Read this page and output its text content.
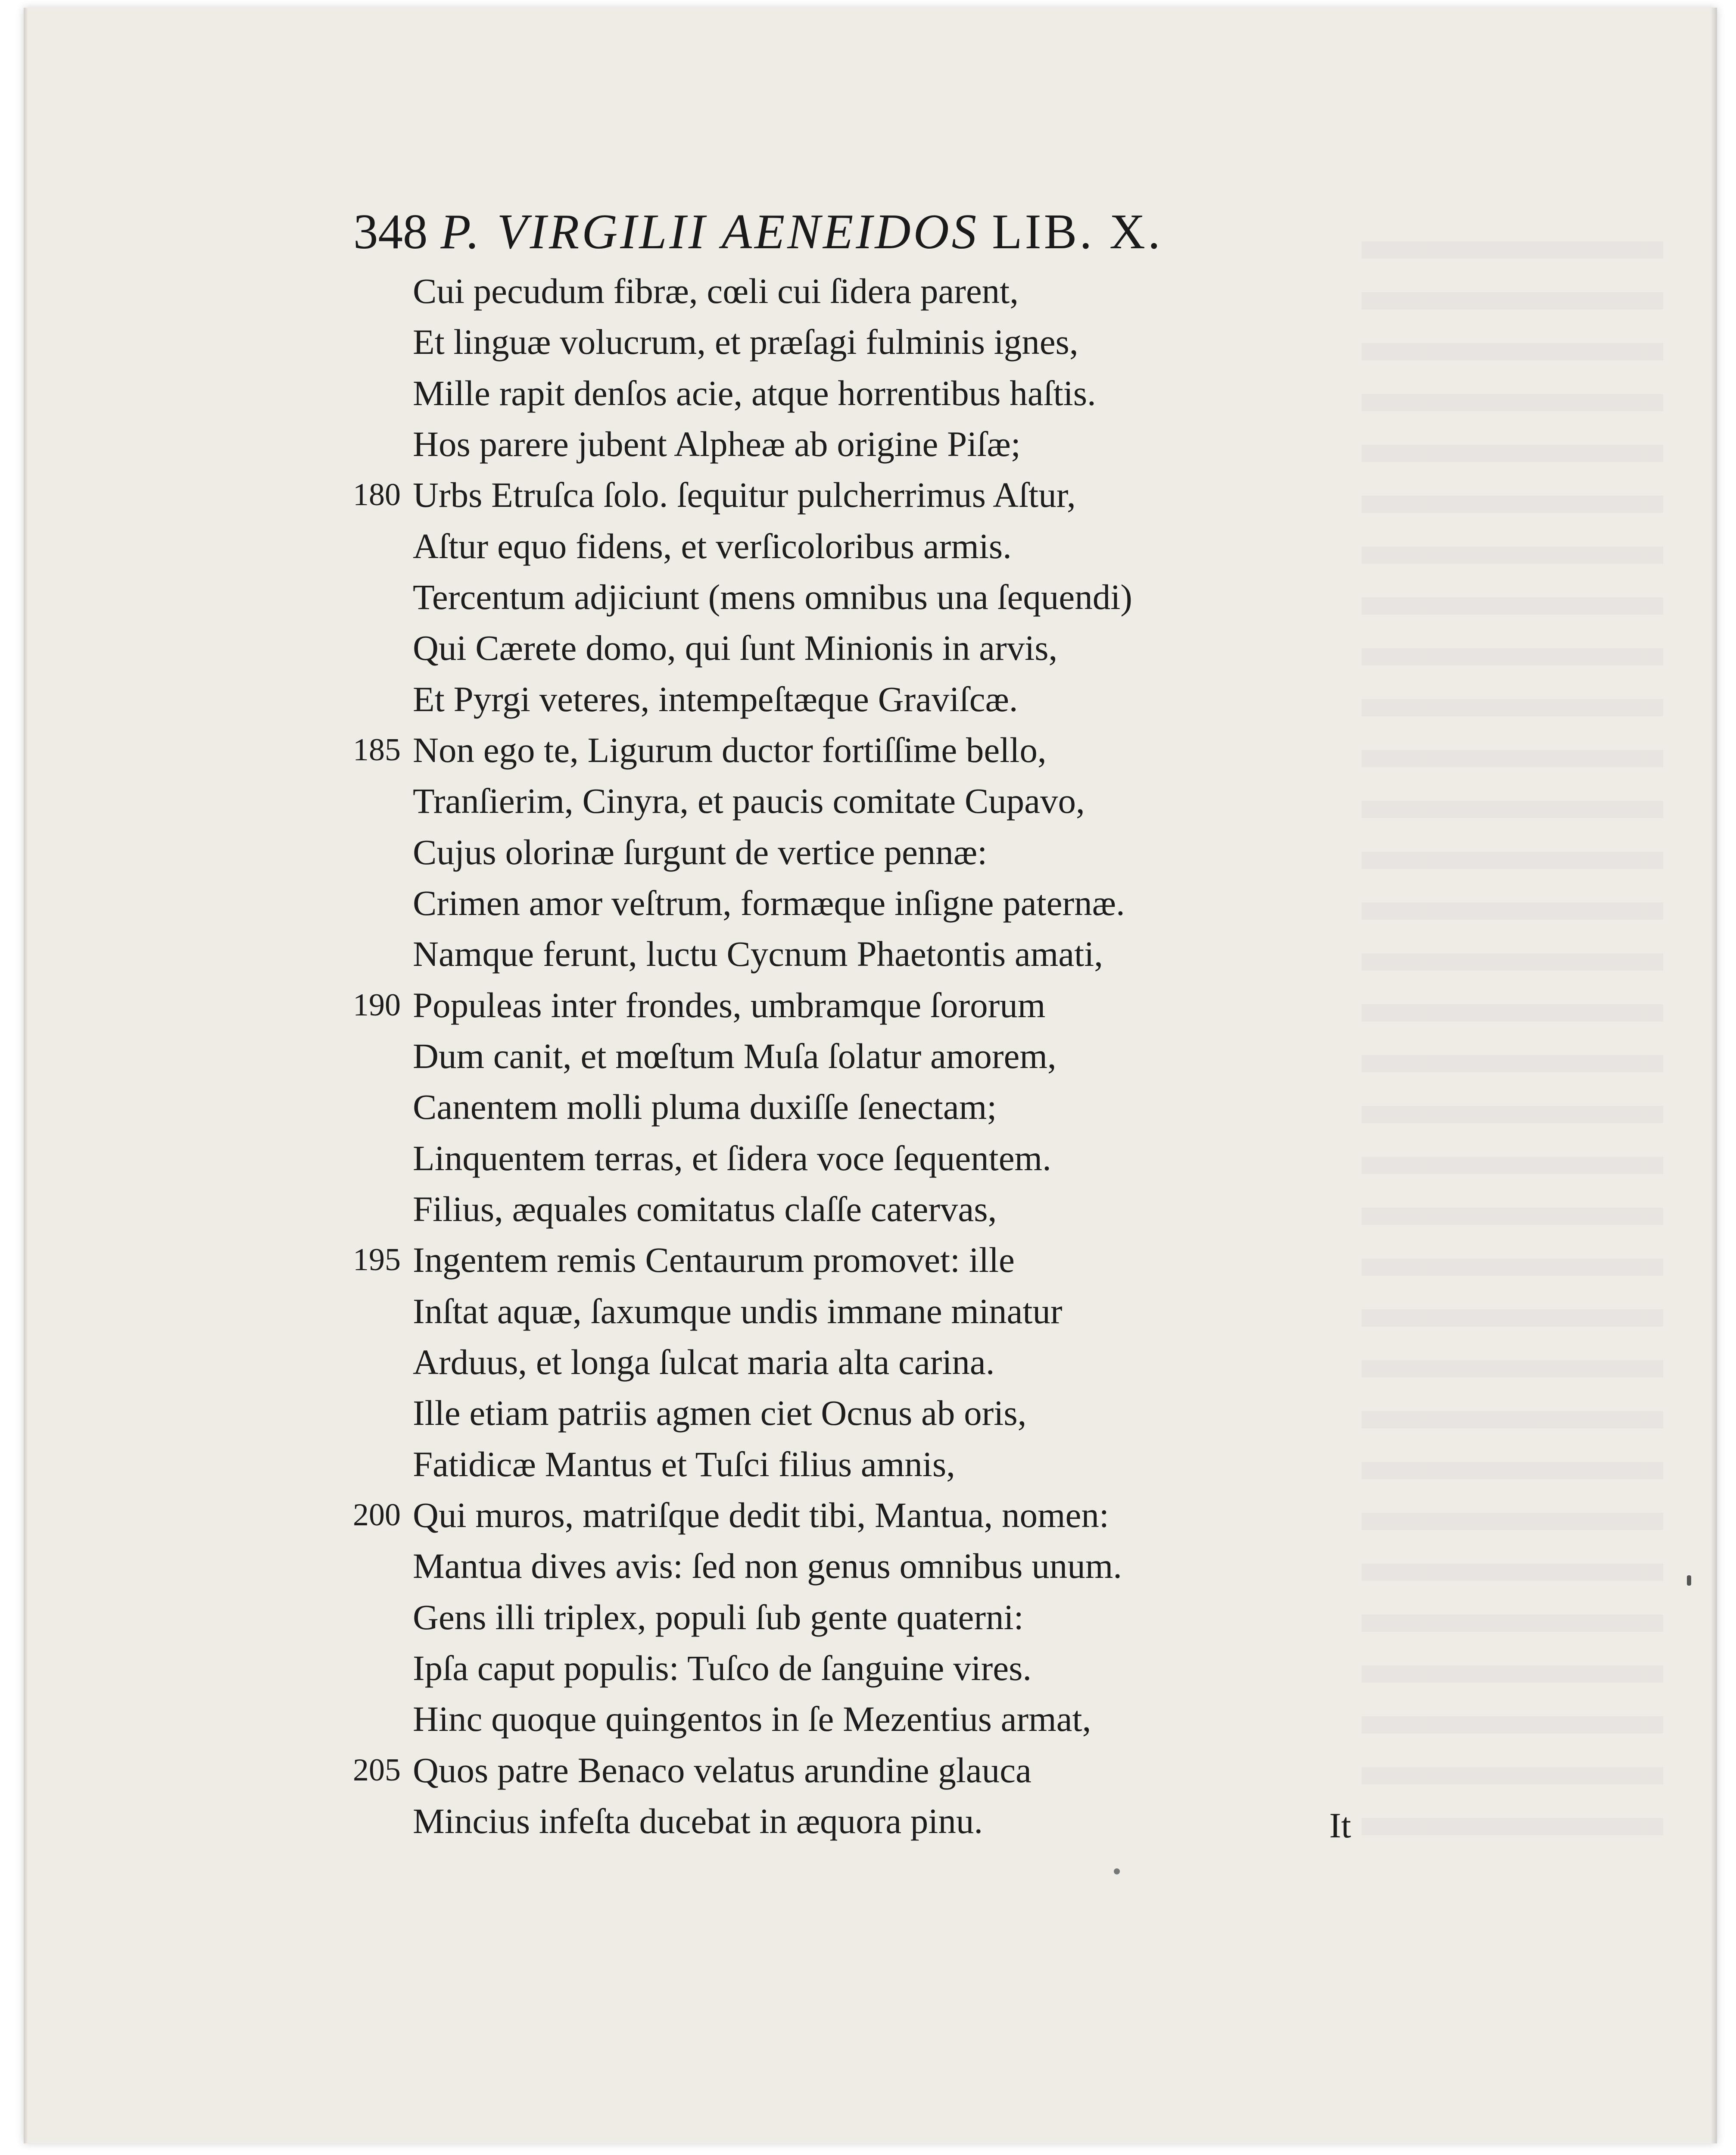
348 P. VIRGILII AENEIDOS LIB. X.
Cui pecudum fibræ, cœli cui ſidera parent,
Et linguæ volucrum, et præſagi fulminis ignes,
Mille rapit denſos acie, atque horrentibus haſtis.
Hos parere jubent Alpheæ ab origine Piſæ;
180 Urbs Etruſca ſolo. ſequitur pulcherrimus Aſtur,
Aſtur equo fidens, et verſicoloribus armis.
Tercentum adjiciunt (mens omnibus una ſequendi)
Qui Cærete domo, qui ſunt Minionis in arvis,
Et Pyrgi veteres, intempeſtæque Graviſcæ.
185 Non ego te, Ligurum ductor fortiſſime bello,
Tranſierim, Cinyra, et paucis comitate Cupavo,
Cujus olorinæ ſurgunt de vertice pennæ:
Crimen amor veſtrum, formæque inſigne paternæ.
Namque ferunt, luctu Cycnum Phaetontis amati,
190 Populeas inter frondes, umbramque ſororum
Dum canit, et mœſtum Muſa ſolatur amorem,
Canentem molli pluma duxiſſe ſenectam;
Linquentem terras, et ſidera voce ſequentem.
Filius, æquales comitatus claſſe catervas,
195 Ingentem remis Centaurum promovet: ille
Inſtat aquæ, ſaxumque undis immane minatur
Arduus, et longa ſulcat maria alta carina.
Ille etiam patriis agmen ciet Ocnus ab oris,
Fatidicæ Mantus et Tuſci filius amnis,
200 Qui muros, matriſque dedit tibi, Mantua, nomen:
Mantua dives avis: ſed non genus omnibus unum.
Gens illi triplex, populi ſub gente quaterni:
Ipſa caput populis: Tuſco de ſanguine vires.
Hinc quoque quingentos in ſe Mezentius armat,
205 Quos patre Benaco velatus arundine glauca
Mincius infeſta ducebat in æquora pinu.	It
